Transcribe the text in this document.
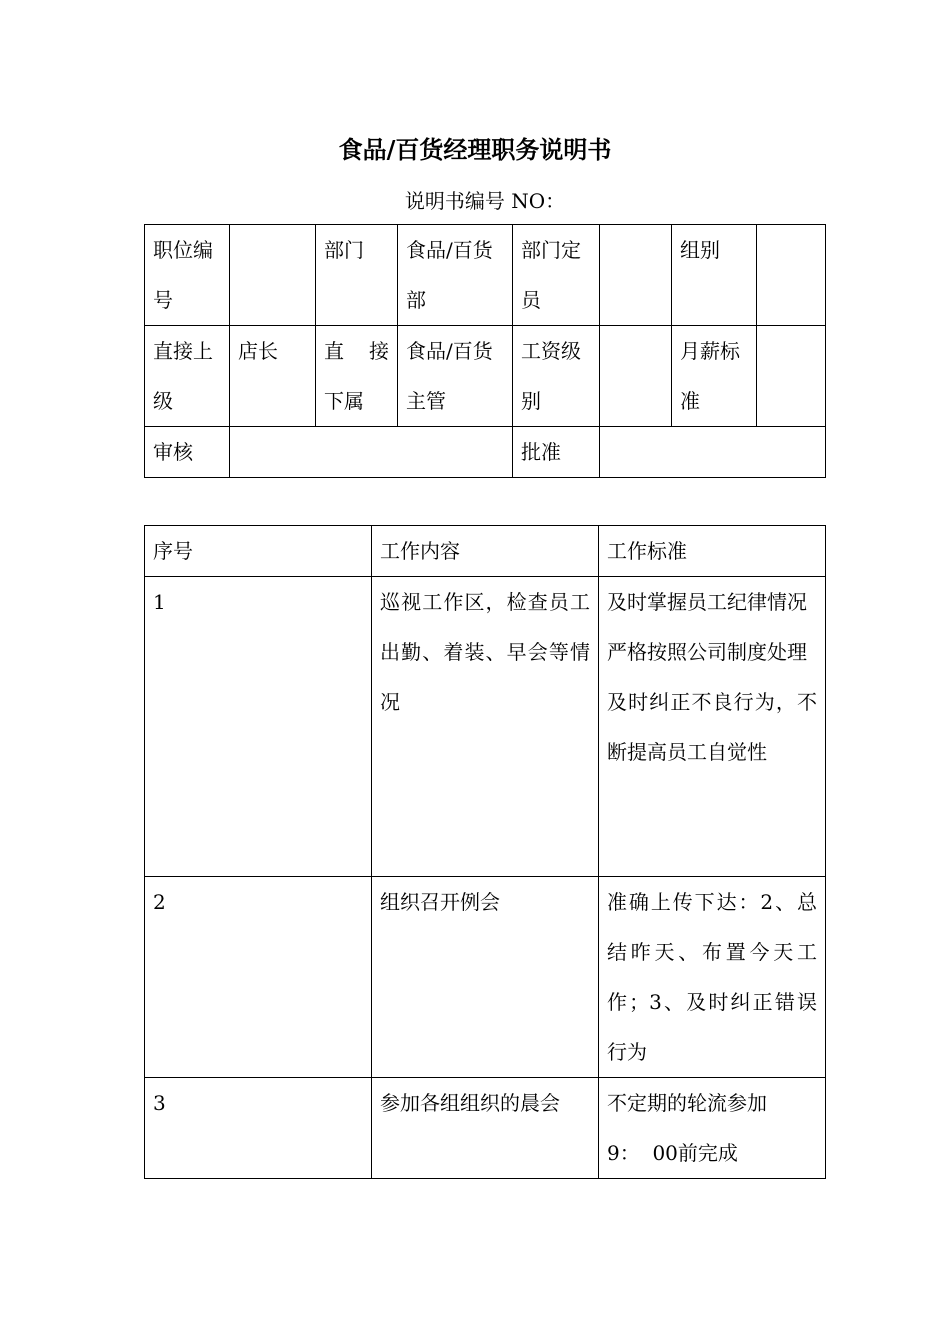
食品/百货经理职务说明书
说明书编号 NO：
职位编号		部门	食品/百货部	部门定员		组别	
直接上级	店长	直  接下属	食品/百货主管	工资级别		月薪标准	
审核				批准			
序号	工作内容	工作标准
1	巡视工作区，检查员工出勤、着装、早会等情况	及时掌握员工纪律情况
严格按照公司制度处理
及时纠正不良行为，不断提高员工自觉性

2	组织召开例会	准确上传下达：2、总结昨天、布置今天工作；3、及时纠正错误行为

3	参加各组组织的晨会	不定期的轮流参加
9：  00前完成
